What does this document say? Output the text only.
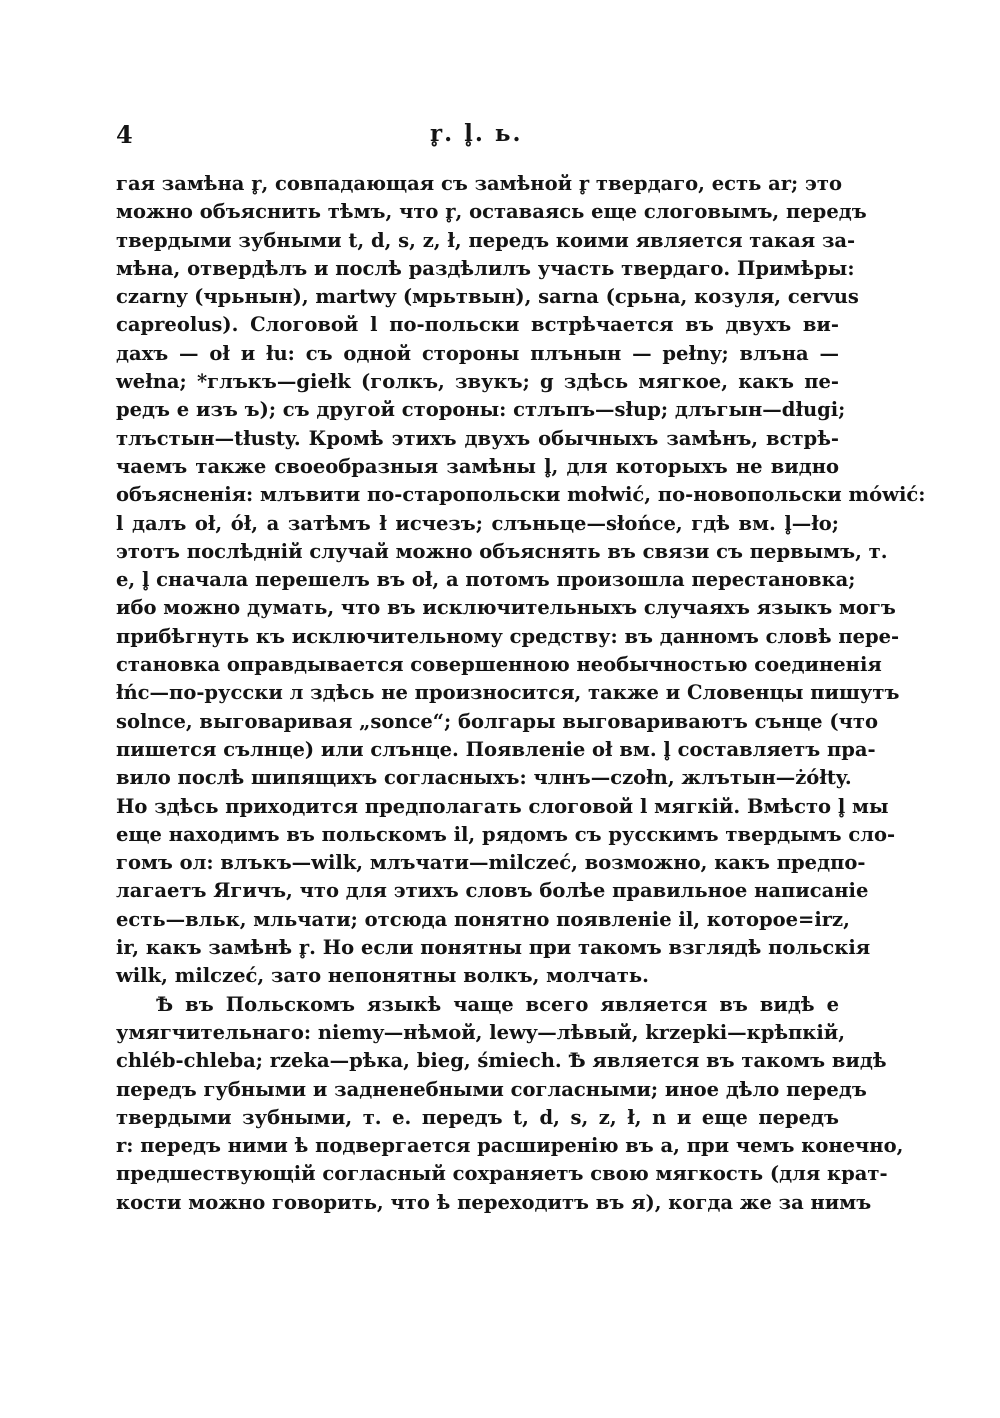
4	r̥. l̥. ь.
гая замѣна r̥, совпадающая съ замѣной r̥ твердаго, есть ar; это
можно объяснить тѣмъ, что r̥, оставаясь еще слоговымъ, передъ
твердыми зубными t, d, s, z, ł, передъ коими является такая за-
мѣна, отвердѣлъ и послѣ раздѣлилъ участь твердаго. Примѣры:
czarny (чрьнын), martwy (мрьтвын), sarna (срьна, козуля, cervus
capreolus). Слоговой l по-польски встрѣчается въ двухъ ви-
дахъ — oł и łu: съ одной стороны плънын — pełny; влъна —
wełna; *глъкъ—giełk (голкъ, звукъ; g здѣсь мягкое, какъ пе-
редъ e изъ ъ); съ другой стороны: стлъпъ—słup; длъгын—długi;
тлъстын—tłusty. Кромѣ этихъ двухъ обычныхъ замѣнъ, встрѣ-
чаемъ также своеобразныя замѣны l̥, для которыхъ не видно
объясненія: млъвити по-старопольски mołwić, по-новопольски mówić:
l далъ oł, ół, а затѣмъ ł исчезъ; слъньце—słońce, гдѣ вм. l̥—ło;
этотъ послѣдній случай можно объяснять въ связи съ первымъ, т.
е, l̥ сначала перешелъ въ oł, а потомъ произошла перестановка;
ибо можно думать, что въ исключительныхъ случаяхъ языкъ могъ
прибѣгнуть къ исключительному средству: въ данномъ словѣ пере-
становка оправдывается совершенною необычностью соединенія
łńc—по-русски л здѣсь не произносится, также и Словенцы пишутъ
solnce, выговаривая „sonce“; болгары выговариваютъ сънце (что
пишется сълнце) или слънце. Появленіе oł вм. l̥ составляетъ пра-
вило послѣ шипящихъ согласныхъ: члнъ—czołn, жлътын—żółty.
Но здѣсь приходится предполагать слоговой l мягкій. Вмѣсто l̥ мы
еще находимъ въ польскомъ il, рядомъ съ русскимъ твердымъ сло-
гомъ ол: влъкъ—wilk, млъчати—milczeć, возможно, какъ предпо-
лагаетъ Ягичъ, что для этихъ словъ болѣе правильное написаніе
есть—вльк, мльчати; отсюда понятно появленіе il, которое=irz,
ir, какъ замѣнѣ r̥. Но если понятны при такомъ взглядѣ польскія
wilk, milczeć, зато непонятны волкъ, молчать.
Ѣ въ Польскомъ языкѣ чаще всего является въ видѣ e
умягчительнаго: niemy—нѣмой, lewy—лѣвый, krzepki—крѣпкій,
chléb-chleba; rzeka—рѣка, bieg, śmiech. Ѣ является въ такомъ видѣ
передъ губными и задненебными согласными; иное дѣло передъ
твердыми зубными, т. е. передъ t, d, s, z, ł, n и еще передъ
r: передъ ними ѣ подвергается расширенію въ a, при чемъ конечно,
предшествующій согласный сохраняетъ свою мягкость (для крат-
кости можно говорить, что ѣ переходитъ въ я), когда же за нимъ
